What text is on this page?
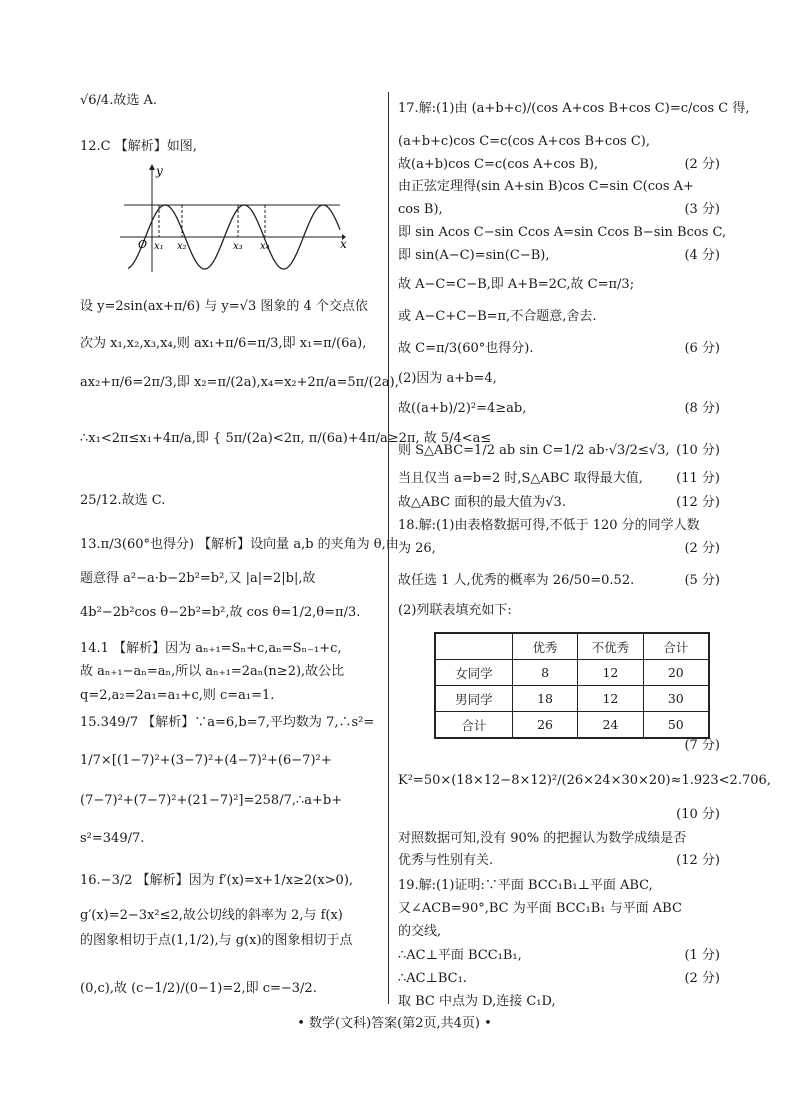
√6/4.故选 A.
12.C 【解析】如图,
设 y=2sin(ax+π/6) 与 y=√3 图象的 4 个交点依
次为 x₁,x₂,x₃,x₄,则 ax₁+π/6=π/3,即 x₁=π/(6a),
ax₂+π/6=2π/3,即 x₂=π/(2a),x₄=x₂+2π/a=5π/(2a),
∴x₁<2π≤x₁+4π/a,即 { 5π/(2a)<2π, π/(6a)+4π/a≥2π, 故 5/4<a≤
25/12.故选 C.
13.π/3(60°也得分) 【解析】设向量 a,b 的夹角为 θ,由
题意得 a²−a·b−2b²=b²,又 |a|=2|b|,故
4b²−2b²cos θ−2b²=b²,故 cos θ=1/2,θ=π/3.
14.1 【解析】因为 aₙ₊₁=Sₙ+c,aₙ=Sₙ₋₁+c,
故 aₙ₊₁−aₙ=aₙ,所以 aₙ₊₁=2aₙ(n≥2),故公比
q=2,a₂=2a₁=a₁+c,则 c=a₁=1.
15.349/7 【解析】∵a=6,b=7,平均数为 7,∴s²=
1/7×[(1−7)²+(3−7)²+(4−7)²+(6−7)²+
(7−7)²+(7−7)²+(21−7)²]=258/7,∴a+b+
s²=349/7.
16.−3/2 【解析】因为 f′(x)=x+1/x≥2(x>0),
g′(x)=2−3x²≤2,故公切线的斜率为 2,与 f(x)
的图象相切于点(1,1/2),与 g(x)的图象相切于点
(0,c),故 (c−1/2)/(0−1)=2,即 c=−3/2.
17.解:(1)由 (a+b+c)/(cos A+cos B+cos C)=c/cos C 得,
(a+b+c)cos C=c(cos A+cos B+cos C),
故(a+b)cos C=c(cos A+cos B),	(2 分)
由正弦定理得(sin A+sin B)cos C=sin C(cos A+
cos B),	(3 分)
即 sin Acos C−sin Ccos A=sin Ccos B−sin Bcos C,
即 sin(A−C)=sin(C−B),	(4 分)
故 A−C=C−B,即 A+B=2C,故 C=π/3;
或 A−C+C−B=π,不合题意,舍去.
故 C=π/3(60°也得分).	(6 分)
(2)因为 a+b=4,
故((a+b)/2)²=4≥ab,	(8 分)
则 S△ABC=1/2 ab sin C=1/2 ab·√3/2≤√3, (10 分)
当且仅当 a=b=2 时,S△ABC 取得最大值,	(11 分)
故△ABC 面积的最大值为√3.	(12 分)
18.解:(1)由表格数据可得,不低于 120 分的同学人数
为 26,	(2 分)
故任选 1 人,优秀的概率为 26/50=0.52.	(5 分)
(2)列联表填充如下:
(7 分)
K²=50×(18×12−8×12)²/(26×24×30×20)≈1.923<2.706,
(10 分)
对照数据可知,没有 90% 的把握认为数学成绩是否
优秀与性别有关.	(12 分)
19.解:(1)证明:∵平面 BCC₁B₁⊥平面 ABC,
又∠ACB=90°,BC 为平面 BCC₁B₁ 与平面 ABC
的交线,
∴AC⊥平面 BCC₁B₁,	(1 分)
∴AC⊥BC₁.	(2 分)
取 BC 中点为 D,连接 C₁D,
y
x
O x₁ x₂	x₃ x₄
	优秀	不优秀	合计
女同学	8	12	20
男同学	18	12	30
合计	26	24	50
• 数学(文科)答案(第2页,共4页) •
